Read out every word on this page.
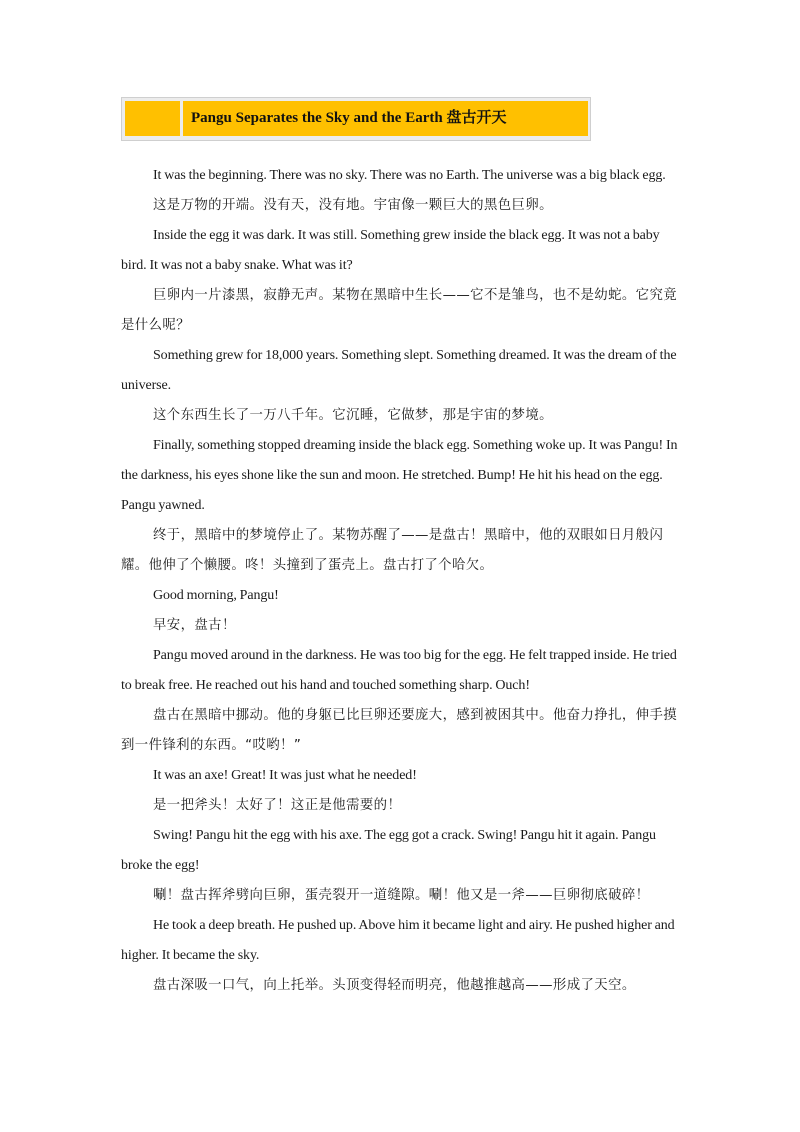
Pangu Separates the Sky and the Earth 盘古开天

It was the beginning. There was no sky. There was no Earth. The universe was a big black egg.

这是万物的开端。没有天，没有地。宇宙像一颗巨大的黑色巨卵。

Inside the egg it was dark. It was still. Something grew inside the black egg. It was not a baby bird. It was not a baby snake. What was it?

巨卵内一片漆黑，寂静无声。某物在黑暗中生长——它不是雏鸟，也不是幼蛇。它究竟是什么呢？

Something grew for 18,000 years. Something slept. Something dreamed. It was the dream of the universe.

这个东西生长了一万八千年。它沉睡，它做梦，那是宇宙的梦境。

Finally, something stopped dreaming inside the black egg. Something woke up. It was Pangu! In the darkness, his eyes shone like the sun and moon. He stretched. Bump! He hit his head on the egg. Pangu yawned.

终于，黑暗中的梦境停止了。某物苏醒了——是盘古！黑暗中，他的双眼如日月般闪耀。他伸了个懒腰。咚！头撞到了蛋壳上。盘古打了个哈欠。

Good morning, Pangu!

早安，盘古！

Pangu moved around in the darkness. He was too big for the egg. He felt trapped inside. He tried to break free. He reached out his hand and touched something sharp. Ouch!

盘古在黑暗中挪动。他的身躯已比巨卵还要庞大，感到被困其中。他奋力挣扎，伸手摸到一件锋利的东西。“哎哟！”

It was an axe! Great! It was just what he needed!

是一把斧头！太好了！这正是他需要的！

Swing! Pangu hit the egg with his axe. The egg got a crack. Swing! Pangu hit it again. Pangu broke the egg!

唰！盘古挥斧劈向巨卵，蛋壳裂开一道缝隙。唰！他又是一斧——巨卵彻底破碎！

He took a deep breath. He pushed up. Above him it became light and airy. He pushed higher and higher. It became the sky.

盘古深吸一口气，向上托举。头顶变得轻而明亮，他越推越高——形成了天空。
